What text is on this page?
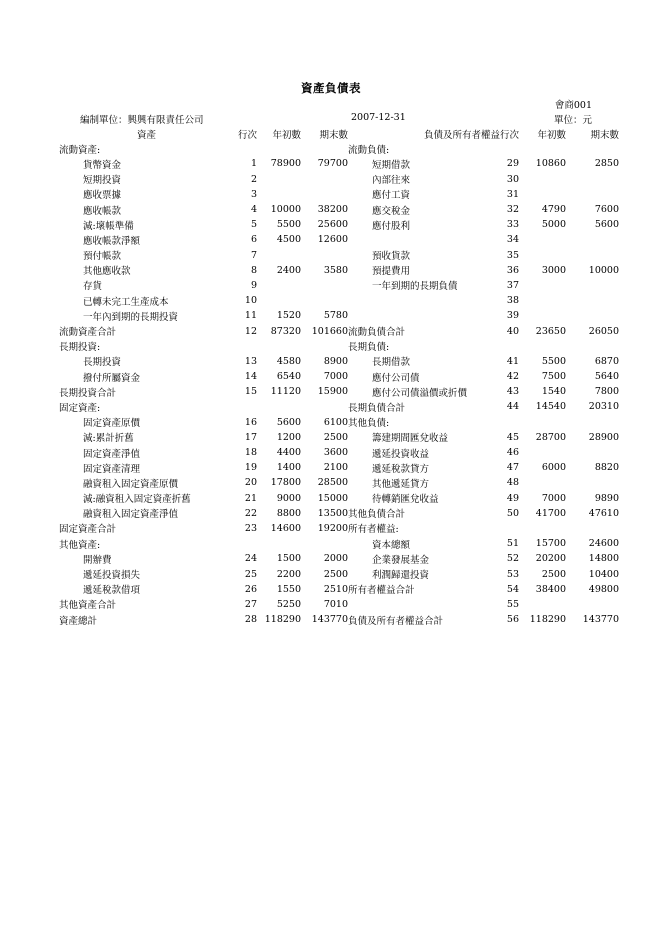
資產負債表
會商001
單位：元
編制單位：興興有限責任公司	2007-12-31
資產	行次	年初數	期末數	負債及所有者權益	行次	年初數	期末數
流動資產:				流動負債:			
貨幣資金	1	78900	79700	短期借款	29	10860	2850
短期投資	2			內部往來	30		
應收票據	3			應付工資	31		
應收帳款	4	10000	38200	應交稅金	32	4790	7600
減:壞帳準備	5	5500	25600	應付股利	33	5000	5600
應收帳款淨額	6	4500	12600		34		
預付帳款	7			預收貨款	35		
其他應收款	8	2400	3580	預提費用	36	3000	10000
存貨	9			一年到期的長期負債	37		
已轉未完工生產成本	10				38		
一年內到期的長期投資	11	1520	5780		39		
流動資產合計	12	87320	101660	流動負債合計	40	23650	26050
長期投資:				長期負債:			
長期投資	13	4580	8900	長期借款	41	5500	6870
撥付所屬資金	14	6540	7000	應付公司債	42	7500	5640
長期投資合計	15	11120	15900	應付公司債溢價或折價	43	1540	7800
固定資產:				長期負債合計	44	14540	20310
固定資產原價	16	5600	6100	其他負債:			
減:累計折舊	17	1200	2500	籌建期間匯兌收益	45	28700	28900
固定資產淨值	18	4400	3600	遞延投資收益	46		
固定資產清理	19	1400	2100	遞延稅款貸方	47	6000	8820
融資租入固定資產原價	20	17800	28500	其他遞延貸方	48		
減:融資租入固定資產折舊	21	9000	15000	待轉銷匯兌收益	49	7000	9890
融資租入固定資產淨值	22	8800	13500	其他負債合計	50	41700	47610
固定資產合計	23	14600	19200	所有者權益:			
其他資產:				資本總額	51	15700	24600
開辦費	24	1500	2000	企業發展基金	52	20200	14800
遞延投資損失	25	2200	2500	利潤歸還投資	53	2500	10400
遞延稅款借項	26	1550	2510	所有者權益合計	54	38400	49800
其他資產合計	27	5250	7010		55		
資產總計	28	118290	143770	負債及所有者權益合計	56	118290	143770
